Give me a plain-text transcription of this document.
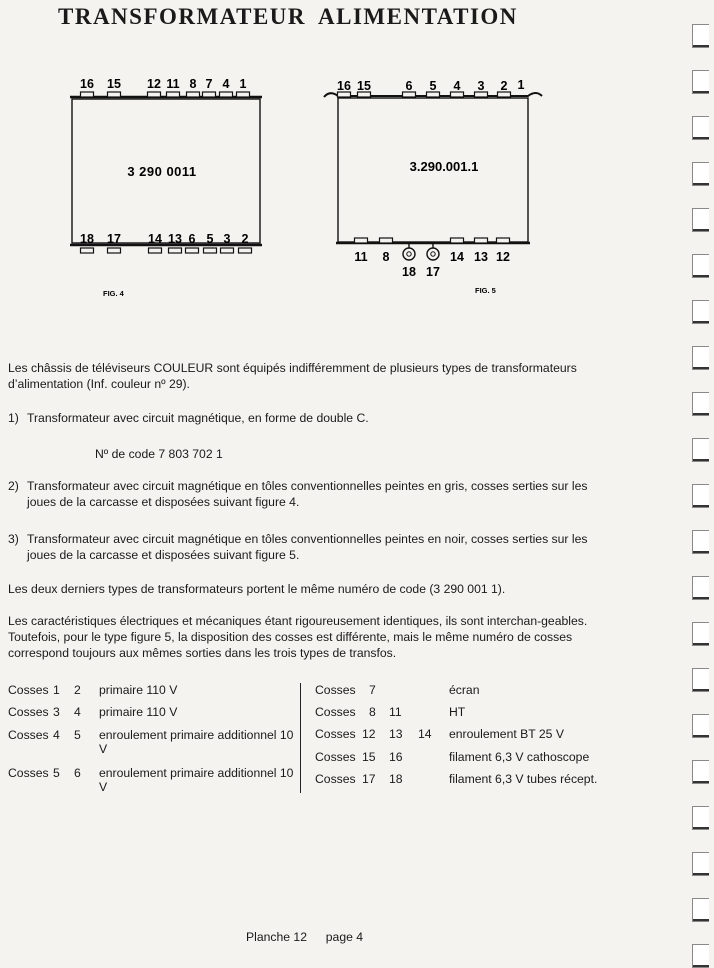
TRANSFORMATEUR ALIMENTATION
3 290 0011
16 15 12 11 8 7 4 1
18 17 14 13 6 5 3 2
FIG. 4
3.290.001.1
16 15	6 5 4 3 2 1
11 8	14 13 12
18 17
FIG. 5
Les châssis de téléviseurs COULEUR sont équipés indifféremment de plusieurs types de transformateurs d’alimentation (Inf. couleur nº 29).
1) Transformateur avec circuit magnétique, en forme de double C.
Nº de code 7 803 702 1
2) Transformateur avec circuit magnétique en tôles conventionnelles peintes en gris, cosses serties sur les joues de la carcasse et disposées suivant figure 4.
3) Transformateur avec circuit magnétique en tôles conventionnelles peintes en noir, cosses serties sur les joues de la carcasse et disposées suivant figure 5.
Les deux derniers types de transformateurs portent le même numéro de code (3 290 001 1).
Les caractéristiques électriques et mécaniques étant rigoureusement identiques, ils sont interchan-geables. Toutefois, pour le type figure 5, la disposition des cosses est différente, mais le même numéro de cosses correspond toujours aux mêmes sorties dans les trois types de transfos.
Cosses 1 2 primaire 110 V
Cosses 3 4 primaire 110 V
Cosses 4 5 enroulement primaire additionnel 10 V
Cosses 5 6 enroulement primaire additionnel 10 V
Cosses 7	écran
Cosses 8 11	HT
Cosses 12 13 14 enroulement BT 25 V
Cosses 15 16	filament 6,3 V cathoscope
Cosses 17 18	filament 6,3 V tubes récept.
Planche 12 page 4
